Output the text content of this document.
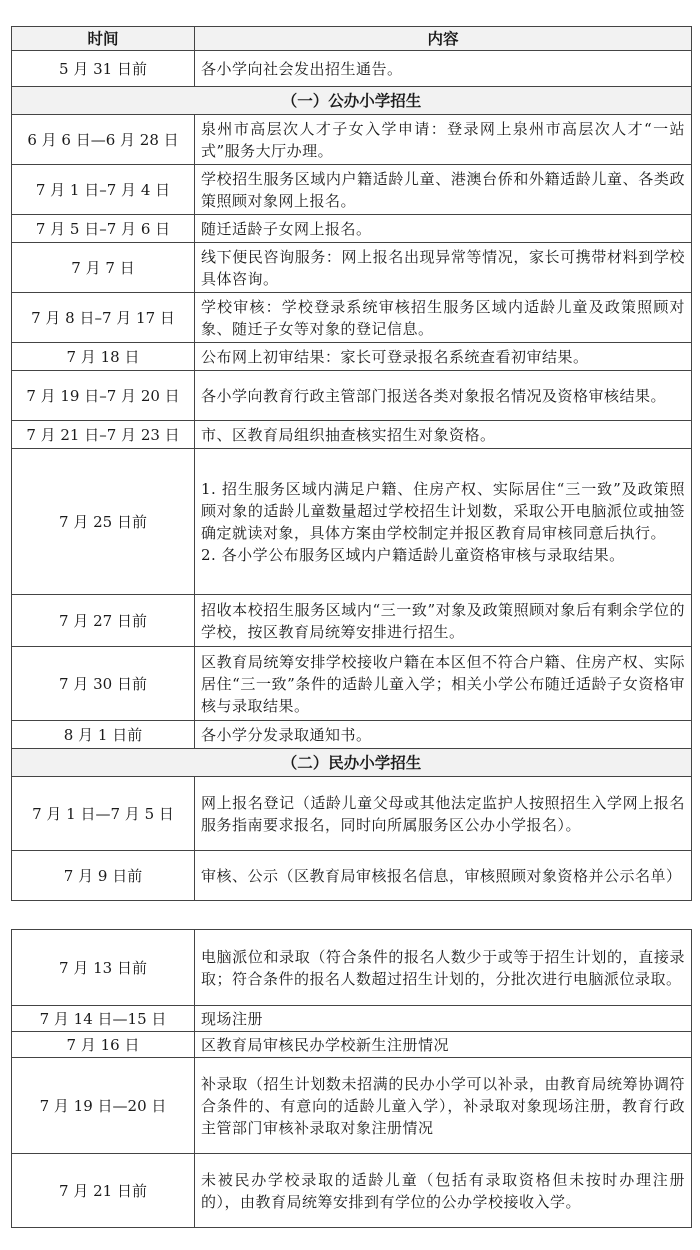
时间	内容
5 月 31 日前	各小学向社会发出招生通告。
（一）公办小学招生	
6 月 6 日—6 月 28 日	泉州市高层次人才子女入学申请：登录网上泉州市高层次人才“一站式”服务大厅办理。
7 月 1 日–7 月 4 日	学校招生服务区域内户籍适龄儿童、港澳台侨和外籍适龄儿童、各类政策照顾对象网上报名。
7 月 5 日–7 月 6 日	随迁适龄子女网上报名。
7 月 7 日	线下便民咨询服务：网上报名出现异常等情况，家长可携带材料到学校具体咨询。
7 月 8 日–7 月 17 日	学校审核：学校登录系统审核招生服务区域内适龄儿童及政策照顾对象、随迁子女等对象的登记信息。
7 月 18 日	公布网上初审结果：家长可登录报名系统查看初审结果。
7 月 19 日–7 月 20 日	各小学向教育行政主管部门报送各类对象报名情况及资格审核结果。
7 月 21 日–7 月 23 日	市、区教育局组织抽查核实招生对象资格。
7 月 25 日前	1. 招生服务区域内满足户籍、住房产权、实际居住“三一致”及政策照顾对象的适龄儿童数量超过学校招生计划数，采取公开电脑派位或抽签确定就读对象，具体方案由学校制定并报区教育局审核同意后执行。
2. 各小学公布服务区域内户籍适龄儿童资格审核与录取结果。

7 月 27 日前	招收本校招生服务区域内“三一致”对象及政策照顾对象后有剩余学位的学校，按区教育局统筹安排进行招生。
7 月 30 日前	区教育局统筹安排学校接收户籍在本区但不符合户籍、住房产权、实际居住“三一致”条件的适龄儿童入学；相关小学公布随迁适龄子女资格审核与录取结果。
8 月 1 日前	各小学分发录取通知书。
（二）民办小学招生	
7 月 1 日—7 月 5 日	网上报名登记（适龄儿童父母或其他法定监护人按照招生入学网上报名服务指南要求报名，同时向所属服务区公办小学报名）。
7 月 9 日前	审核、公示（区教育局审核报名信息，审核照顾对象资格并公示名单）
7 月 13 日前	电脑派位和录取（符合条件的报名人数少于或等于招生计划的，直接录取；符合条件的报名人数超过招生计划的，分批次进行电脑派位录取。
7 月 14 日—15 日	现场注册
7 月 16 日	区教育局审核民办学校新生注册情况
7 月 19 日—20 日	补录取（招生计划数未招满的民办小学可以补录，由教育局统筹协调符合条件的、有意向的适龄儿童入学），补录取对象现场注册，教育行政主管部门审核补录取对象注册情况
7 月 21 日前	未被民办学校录取的适龄儿童（包括有录取资格但未按时办理注册的），由教育局统筹安排到有学位的公办学校接收入学。
